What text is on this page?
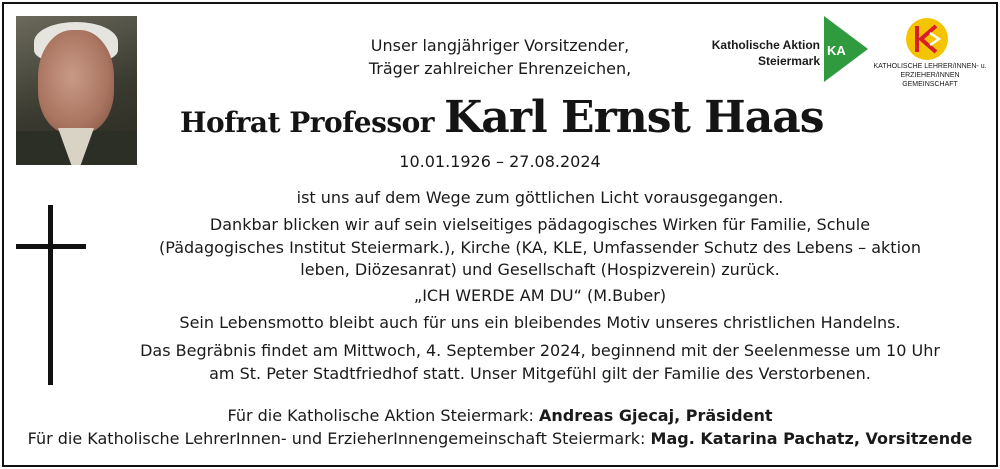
Unser langjähriger Vorsitzender,
Träger zahlreicher Ehrenzeichen,
Hofrat Professor Karl Ernst Haas
10.01.1926 – 27.08.2024
Katholische Aktion
Steiermark
KA
KATHOLISCHE LEHRER/INNEN- u.
ERZIEHER/INNEN GEMEINSCHAFT
ist uns auf dem Wege zum göttlichen Licht vorausgegangen.
Dankbar blicken wir auf sein vielseitiges pädagogisches Wirken für Familie, Schule
(Pädagogisches Institut Steiermark.), Kirche (KA, KLE, Umfassender Schutz des Lebens – aktion
leben, Diözesanrat) und Gesellschaft (Hospizverein) zurück.
„ICH WERDE AM DU“ (M.Buber)
Sein Lebensmotto bleibt auch für uns ein bleibendes Motiv unseres christlichen Handelns.
Das Begräbnis findet am Mittwoch, 4. September 2024, beginnend mit der Seelenmesse um 10 Uhr
am St. Peter Stadtfriedhof statt. Unser Mitgefühl gilt der Familie des Verstorbenen.
Für die Katholische Aktion Steiermark: Andreas Gjecaj, Präsident
Für die Katholische LehrerInnen- und ErzieherInnengemeinschaft Steiermark: Mag. Katarina Pachatz, Vorsitzende
